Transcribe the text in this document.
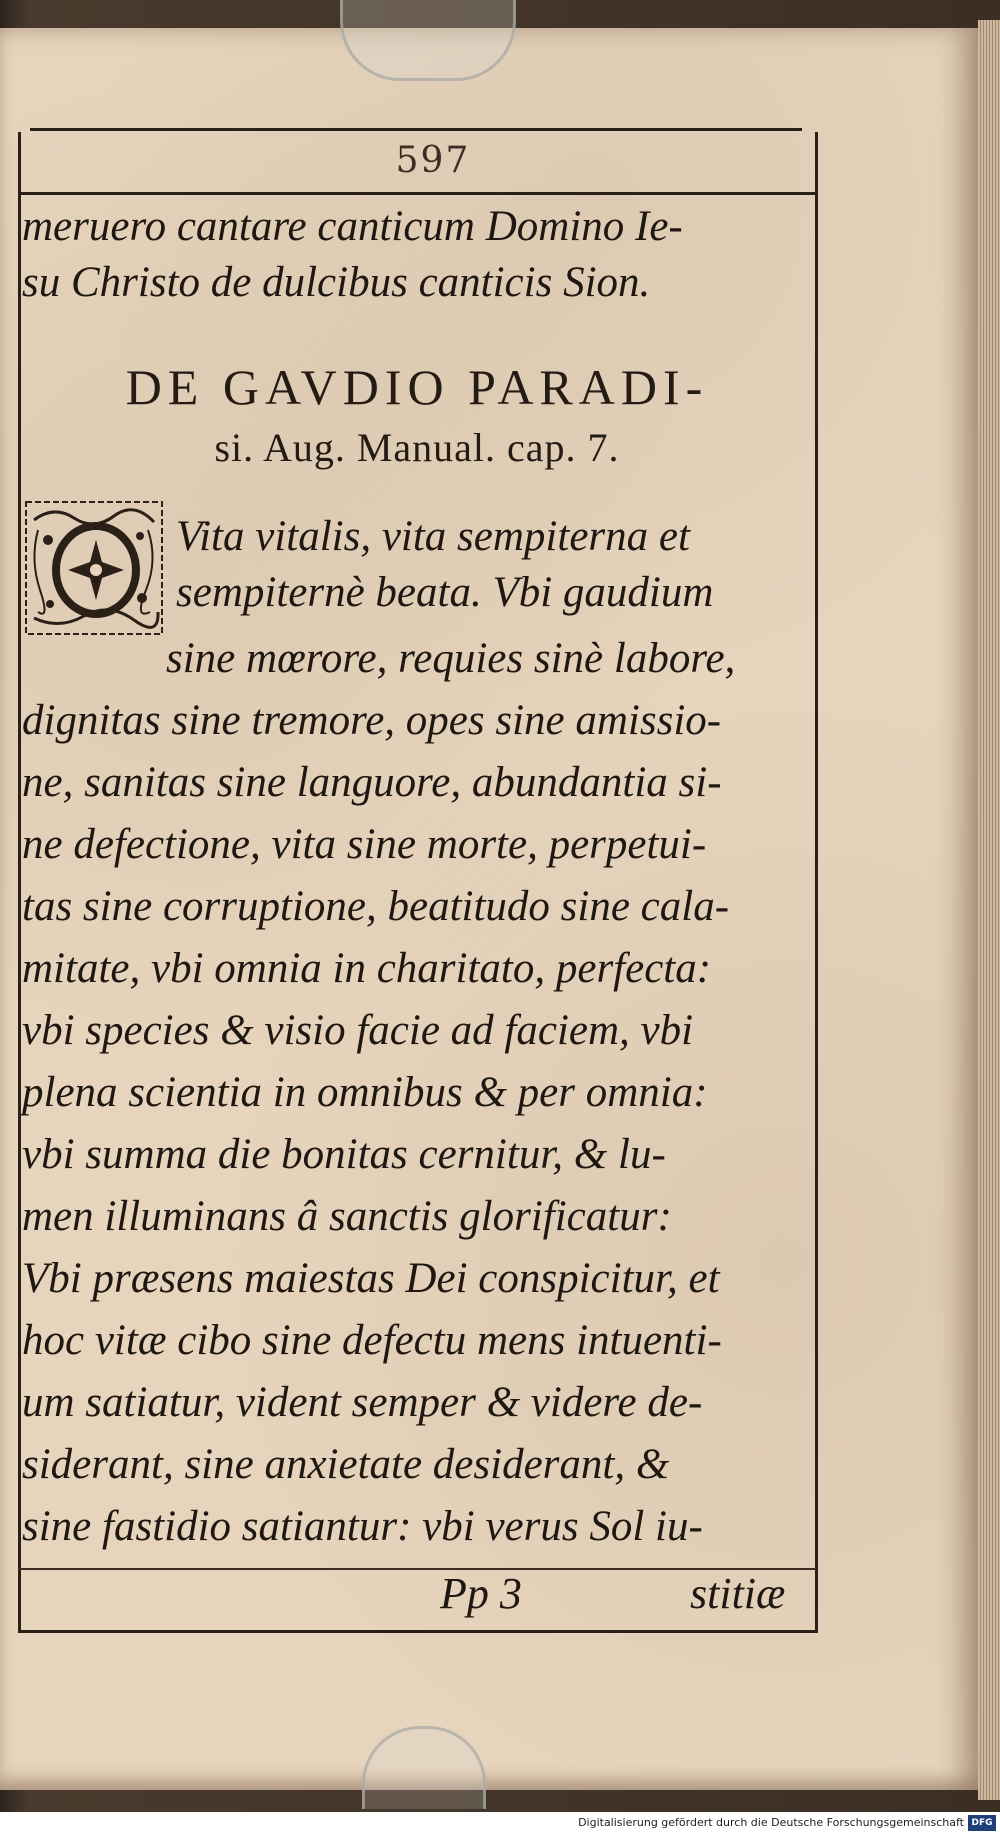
597
meruero cantare canticum Domino Ie-
su Christo de dulcibus canticis Sion.
DE GAVDIO PARADI-
si. Aug. Manual. cap. 7.
Vita vitalis, vita sempiterna et
sempiternè beata. Vbi gaudium
sine mœrore, requies sinè labore,
dignitas sine tremore, opes sine amissio-
ne, sanitas sine languore, abundantia si-
ne defectione, vita sine morte, perpetui-
tas sine corruptione, beatitudo sine cala-
mitate, vbi omnia in charitato, perfecta:
vbi species & visio facie ad faciem, vbi
plena scientia in omnibus & per omnia:
vbi summa die bonitas cernitur, & lu-
men illuminans â sanctis glorificatur:
Vbi præsens maiestas Dei conspicitur, et
hoc vitæ cibo sine defectu mens intuenti-
um satiatur, vident semper & videre de-
siderant, sine anxietate desiderant, &
sine fastidio satiantur: vbi verus Sol iu-
Pp 3	stitiæ
Digitalisierung gefördert durch die Deutsche Forschungsgemeinschaft DFG
